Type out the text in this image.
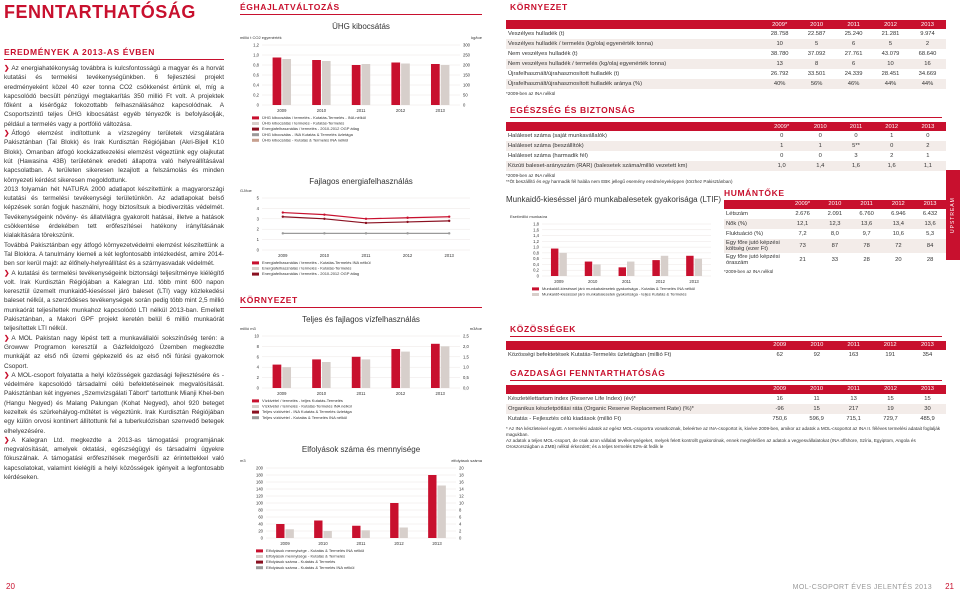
FENNTARTHATÓSÁG
EREDMÉNYEK A 2013-AS ÉVBEN
❯ Az energiahatékonyság továbbra is kulcsfontosságú a magyar és a horvát kutatási és termelési tevékenységünkben. 6 fejlesztési projekt eredményeként közel 40 ezer tonna CO2 csökkenést értünk el, míg a kapcsolódó becsült pénzügyi megtakarítás 350 millió Ft volt. A projektek főként a kisérőgáz fokozottabb felhasználásához kapcsolódnak. A Csoportszintű teljes ÜHG kibocsátást egyéb tényezők is befolyásolják, például a termelés vagy a portfólió változása.
❯ Átfogó elemzést indítottunk a vízszegény területek vizsgálatára Pakisztánban (Tal Blokk) és Irak Kurdisztán Régiójában (Akri-Bijell K10 Blokk). Omanban átfogó kockázatkezelési elemzést végeztünk egy olajkutat kút (Hawasina 43B) területének eredeti állapotra való helyreállításával kapcsolatban. A területen sikeresen lezajlott a felszámolás és minden környezeti kérdést sikeresen megoldottunk.
2013 folyamán hét NATURA 2000 adatlapot készítettünk a magyarországi kutatási és termelési tevékenységi területünkön. Az adatlapokat belső képzések során fogjuk használni, hogy biztosítsuk a biodiverzitás védelmét. Tevékenységeink növény- és állatvilágra gyakorolt hatásai, illetve a hatások csökkentése érdekében tett erőfeszítései hatékony irányításának kialakítására törekszünk.
Továbbá Pakisztánban egy átfogó környezetvédelmi elemzést készítettünk a Tal Blokkra. A tanulmány kiemeli a két legfontosabb intézkedést, amire 2014-ben sor kerül majd: az élőhely-helyreállítást és a szárnyasvadak védelmét.
❯ A kutatási és termelési tevékenységeink biztonsági teljesítménye kiélégítő volt. Irak Kurdisztán Régiójában a Kalegran Ltd. több mint 600 napon keresztül üzemelt munkaidő-kieséssel járó baleset (LTI) vagy közlekedési baleset nélkül, a szerződéses tevékenységek során pedig több mint 2,5 millió munkaórát teljesítettek munkahoz kapcsolódó LTI nélkül 2013-ban. Emellett Pakisztánban, a Makori GPF projekt keretén belül 6 millió munkaórát teljesítettek LTI nélkül.
❯ A MOL Pakistan nagy lépést tett a munkavállalói sokszínűség terén: a Growww Programon keresztül a Gázfeldolgozó Üzemben megkezdte munkáját az első női üzemi gépkezelő és az első női fúrási gyakornok Csoport.
❯ A MOL-csoport folyatatta a helyi közösségek gazdasági fejlesztésére és -védelmére kapcsolódó társadalmi célú befektetéseinek megvalósítását. Pakisztánban két ingyenes „Szemvizsgálati Tábort" tartottunk Mianji Khel-ben (Hangu Negyed) és Malang Palungan (Kohat Negyed), ahol 920 beteget kezeltek és szürkehályog-műtétet is végeztünk. Irak Kurdisztán Régiójában egy külön orvosi kontinert állítottunk fel a tuberkulózisban szenvedő betegek elhelyezésére.
❯ A Kalegran Ltd. megkezdte a 2013-as támogatási programjának megvalósítását, amelyek oktatási, egészségügyi és társadalmi ügyekre fókuszálnak. A támogatási erőfeszítések megerősíti az érintettekkel való kapcsolatokat, valamint kielégíti a helyi közösségek igényeit a legfontosabb kérdéseken.
ÉGHAJLATVÁLTOZÁS
ÜHG kibocsátás
millió t CO2 egyenérték	kg/toe
1,2
1,0
0,8
0,6
0,4
0,2
0
300
250
200
150
100
50
0
2009	2010	2011	2012	2013
ÜHG kibocsátás / termelés - Kutatás-Termelés - INA nélkül
ÜHG kibocsátás / termelés - Kutatás-Termelés
Energiafelhasználás / termelés - 2010-2012 OGP átlag
ÜHG kibocsátás - INA Kutatás & Termelés üzletága
ÜHG kibocsátás - Kutatás & Termelés INA nélkül

Fajlagos energiafelhasználás
GJ/toe
5
4
3
2
1
0
2009	2010	2011	2012	2013
Energiafelhasználás / termelés - Kutatás-Termelés INA nélkül
Energiafelhasználás / termelés - Kutatás-Termelés
Energiafelhasználás / termelés - 2010-2012 OGP átlag
KÖRNYEZET
Teljes és fajlagos vízfelhasználás
millió m3	m3/toe
10
8
6
4
2
0
2,5
2,0
1,5
1,0
0,5
0,0
2009	2010	2011	2012	2013
Vízkivétel / termelés - teljes Kutatás-Termelés
Vízkivétel / termelés - Kutatás-Termelés INA nélkül
Teljes vízkivétel - INA Kutatás & Termelés üzletága
Teljes vízkivétel - Kutatás & Termelés INA nélkül

Elfolyások száma és mennyisége
m3	elfolyások száma
200
180
160
140
120
100
80
60
40
20
0
20
18
16
14
12
10
8
6
4
2
0
2009	2010	2011	2012	2013
Elfolyások mennyisége - Kutatás & Termelés INA nélkül
Elfolyások mennyisége - Kutatás & Termelés
Elfolyások száma - Kutatás & Termelés
Elfolyások száma - Kutatás & Termelés INA nélkül
KÖRNYEZET
	2009*	2010	2011	2012	2013
Veszélyes hulladék (t)	28.758	22.587	25.240	21.281	9.974
Veszélyes hulladék / termelés (kg/olaj egyenérték tonna)	10	5	6	5	2
Nem veszélyes hulladék (t)	38.780	37.092	27.761	43.079	68.640
Nem veszélyes hulladék / termelés (kg/olaj egyenérték tonna)	13	8	6	10	16
Újrafelhasznált/újrahasznosított hulladék (t)	26.792	33.501	24.339	28.451	34.669
Újrafelhasznált/újrahasznosított hulladék aránya (%)	40%	56%	46%	44%	44%
*2009-ben az INA nélkül
EGÉSZSÉG ÉS BIZTONSÁG
	2009*	2010	2011	2012	2013
Haláleset száma (saját munkavállalók)	0	0	0	1	0
Haláleset száma (beszállítók)	1	1	5**	0	2
Haláleset száma (harmadik fél)	0	0	3	2	1
Közúti baleset-arányszám (RAR) (balesetek száma/millió vezetett km)	1,0	1,4	1,6	1,6	1,1
*2009-ben az INA nélkül
**Öt beszállító és egy harmadik fél halála nem EBK jellegű esemény eredményeképpen (törzhez Pakisztánban)
Munkaidő-kieséssel járó munkabalesetek gyakorisága (LTIF)
Eset/millió munkaóra
1,8
1,6
1,4
1,2
1,0
0,8
0,6
0,4
0,2
0
2009	2010	2011	2012	2013
Munkaidő-kieséssel járó munkabalesetek gyakorisága - Kutatás & Termelés INA nélkül
Munkaidő-kieséssel járó munkabalesetek gyakorisága - teljes Kutatás & Termelés
HUMÁNTŐKE
	2009*	2010	2011	2012	2013
Létszám	2.676	2.091	6.760	6.946	6.432
Nők (%)	12,1	12,3	13,6	13,4	13,6
Fluktuáció (%)	7,2	8,0	9,7	10,6	5,3
Egy főre jutó képzési költség (ezer Ft)	73	87	78	72	84
Egy főre jutó képzési óraszám	21	33	28	20	28
*2009-ben az INA nélkül
KÖZÖSSÉGEK
	2009	2010	2011	2012	2013
Közösségi befektetések Kutatás-Termelés üzletágban (millió Ft)	62	92	163	191	354
GAZDASÁGI FENNTARTHATÓSÁG
	2009	2010	2011	2012	2013
Készletélettartam index (Reserve Life Index) (év)*	16	11	13	15	15
Organikus készletpótlási ráta (Organic Reserve Replacement Rate) (%)*	-96	15	217	19	30
Kutatás - Fejlesztés célú kiadások (millió Ft)	750,6	596,9	715,1	729,7	485,9
* Az INA készleteivel együtt. A termelési adatok az egész MOL-csoportra vonatkoznak, beleértve az INA-csoportot is, kivéve 2009-ben, amikor az adatok a MOL-csoportot az INA II. féléves termelési adatait foglalják magukban.
Az adatok a teljes MOL-csoport, de csak azon vállalati tevékenységeket, melyek felett kontrollt gyakorolnak, ennek megfelelően az adatok a vegyesvállalatokat (INA offshore, Szíria, Egyiptom, Angola és Oroszországban a ZMB) nélkül érkezdett; és a teljes termelés 82%-át fedik le
UPSTREAM
20	MOL-CSOPORT ÉVES JELENTÉS 2013 21
